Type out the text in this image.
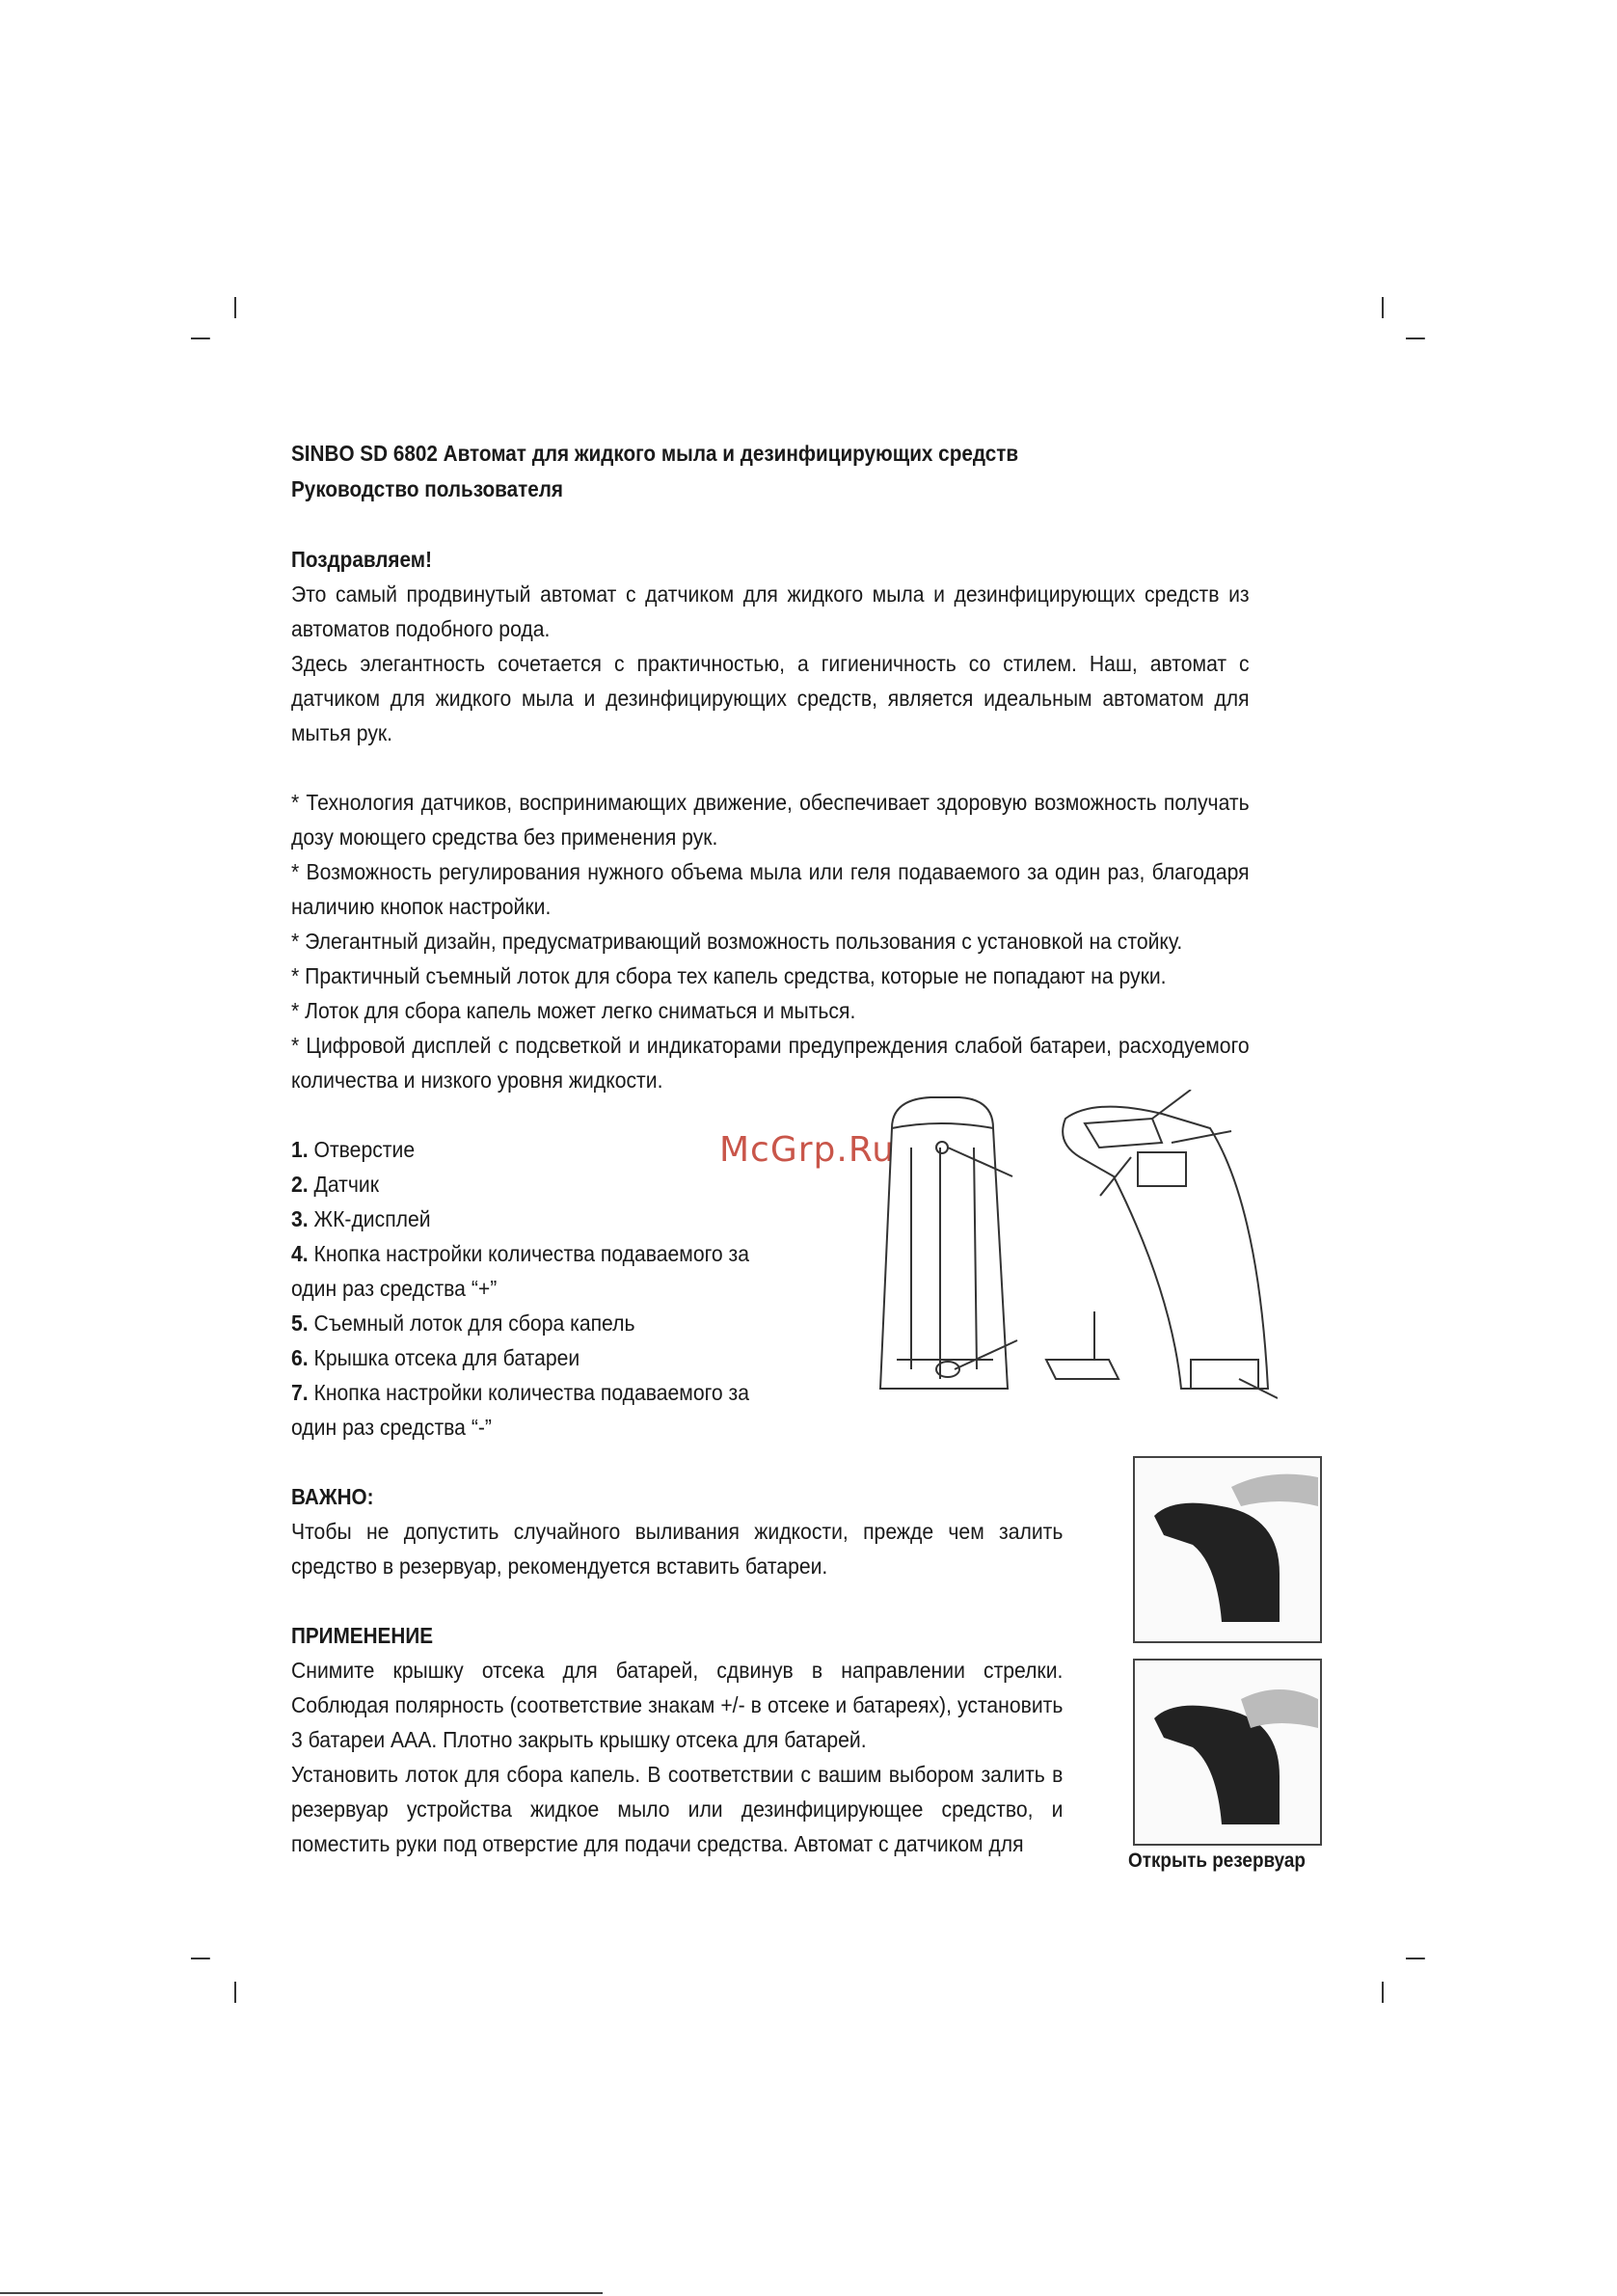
SINBO SD 6802 Автомат для жидкого мыла и дезинфицирующих средств
Руководство пользователя
Поздравляем!
Это самый продвинутый автомат с датчиком для жидкого мыла и дезинфицирующих средств из автоматов подобного рода.
Здесь элегантность сочетается с практичностью, а гигиеничность со стилем. Наш, автомат с датчиком для жидкого мыла и дезинфицирующих средств, является идеальным автоматом для мытья рук.
* Технология датчиков, воспринимающих движение, обеспечивает здоровую возможность получать дозу моющего средства без применения рук.
* Возможность регулирования нужного объема мыла или геля подаваемого за один раз, благодаря наличию кнопок настройки.
* Элегантный дизайн, предусматривающий возможность пользования с установкой на стойку.
* Практичный съемный лоток для сбора тех капель средства, которые не попадают на руки.
* Лоток для сбора капель может легко сниматься и мыться.
* Цифровой дисплей с подсветкой и индикаторами предупреждения слабой батареи, расходуемого количества и низкого уровня жидкости.
1. Отверстие
2. Датчик
3. ЖК-дисплей
4. Кнопка настройки количества подаваемого за один раз средства “+”
5. Съемный лоток для сбора капель
6. Крышка отсека для батареи
7. Кнопка настройки количества подаваемого за один раз средства “-”
ВАЖНО:
Чтобы не допустить случайного выливания жидкости, прежде чем залить средство в резервуар, рекомендуется вставить батареи.
ПРИМЕНЕНИЕ
Снимите крышку отсека для батарей, сдвинув в направлении стрелки. Соблюдая полярность (соответствие знакам +/- в отсеке и батареях), установить 3 батареи ААА. Плотно закрыть крышку отсека для батарей.
Установить лоток для сбора капель. В соответствии с вашим выбором залить в резервуар устройства жидкое мыло или дезинфицирующее средство, и поместить руки под отверстие для подачи средства. Автомат с датчиком для
McGrp.Ru
Открыть резервуар
